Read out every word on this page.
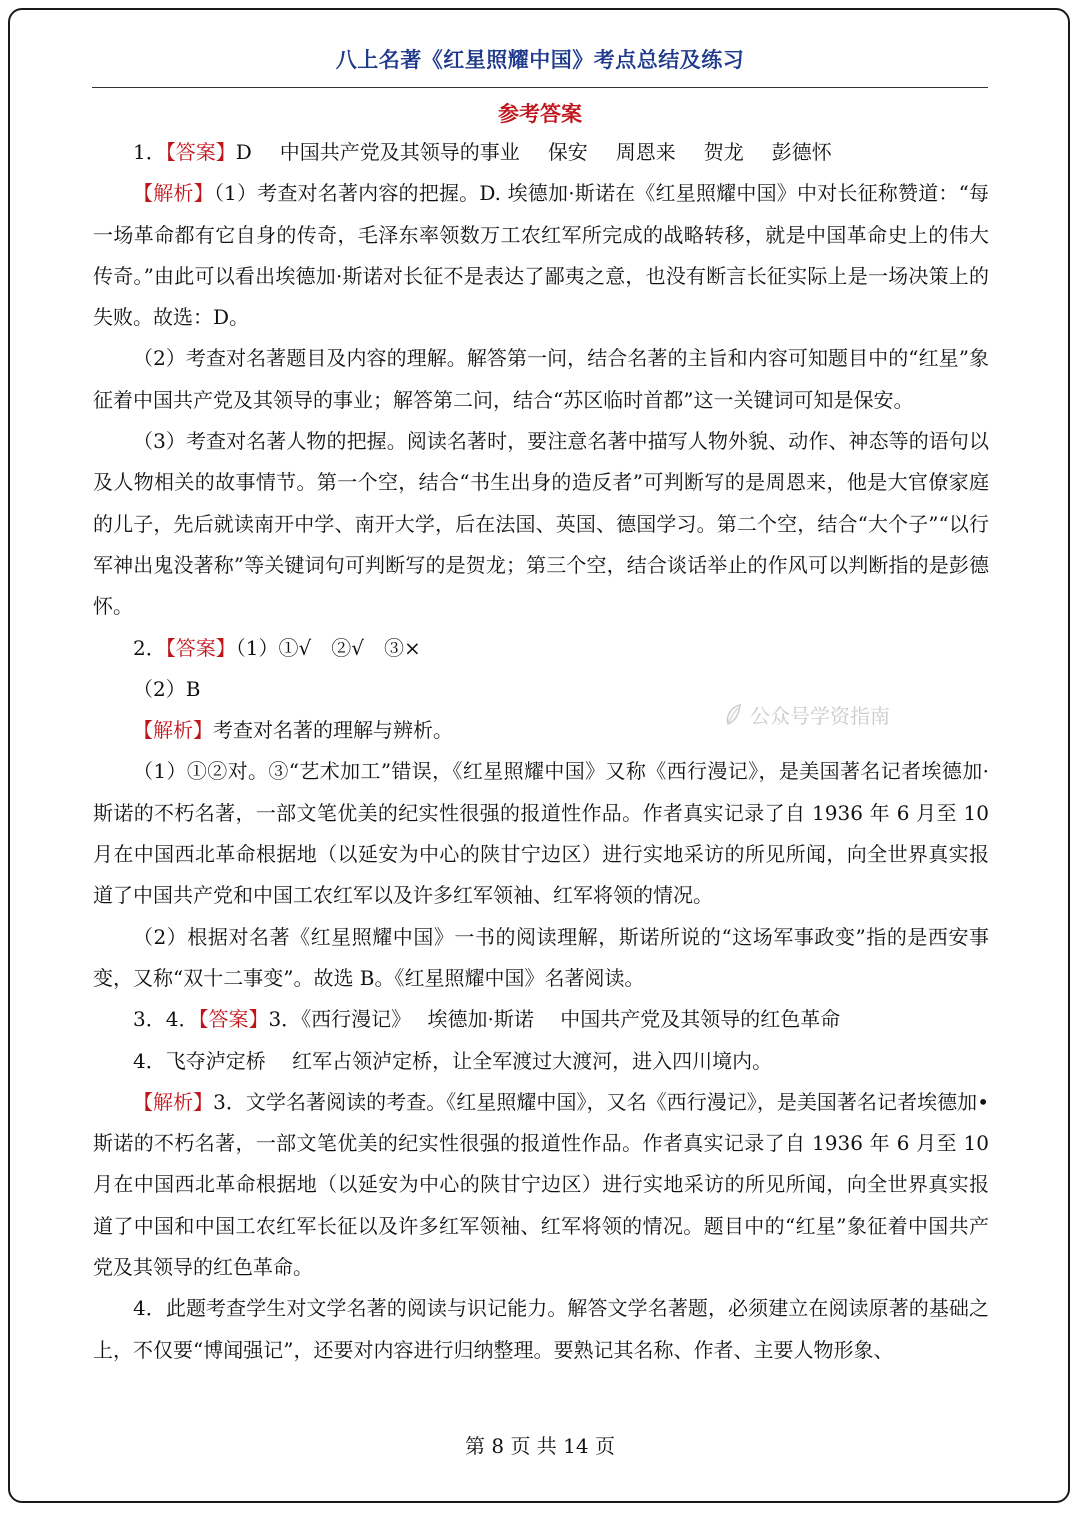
八上名著《红星照耀中国》考点总结及练习
参考答案

1．【答案】D 中国共产党及其领导的事业 保安 周恩来 贺龙 彭德怀

【解析】（1）考查对名著内容的把握。D. 埃德加·斯诺在《红星照耀中国》中对长征称赞道：“每一场革命都有它自身的传奇，毛泽东率领数万工农红军所完成的战略转移，就是中国革命史上的伟大传奇。”由此可以看出埃德加·斯诺对长征不是表达了鄙夷之意，也没有断言长征实际上是一场决策上的失败。故选：D。

（2）考查对名著题目及内容的理解。解答第一问，结合名著的主旨和内容可知题目中的“红星”象征着中国共产党及其领导的事业；解答第二问，结合“苏区临时首都”这一关键词可知是保安。

（3）考查对名著人物的把握。阅读名著时，要注意名著中描写人物外貌、动作、神态等的语句以及人物相关的故事情节。第一个空，结合“书生出身的造反者”可判断写的是周恩来，他是大官僚家庭的儿子，先后就读南开中学、南开大学，后在法国、英国、德国学习。第二个空，结合“大个子”“以行军神出鬼没著称”等关键词句可判断写的是贺龙；第三个空，结合谈话举止的作风可以判断指的是彭德怀。

2．【答案】（1）①√　②√　③×

（2）B

【解析】考查对名著的理解与辨析。

（1）①②对。③“艺术加工”错误，《红星照耀中国》又称《西行漫记》，是美国著名记者埃德加·斯诺的不朽名著，一部文笔优美的纪实性很强的报道性作品。作者真实记录了自 1936 年 6 月至 10 月在中国西北革命根据地（以延安为中心的陕甘宁边区）进行实地采访的所见所闻，向全世界真实报道了中国共产党和中国工农红军以及许多红军领袖、红军将领的情况。

（2）根据对名著《红星照耀中国》一书的阅读理解，斯诺所说的“这场军事政变”指的是西安事变，又称“双十二事变”。故选 B。《红星照耀中国》名著阅读。

3．4．【答案】3．《西行漫记》　 埃德加·斯诺　 中国共产党及其领导的红色革命

4．飞夺泸定桥　 红军占领泸定桥，让全军渡过大渡河，进入四川境内。

【解析】3．文学名著阅读的考查。《红星照耀中国》，又名《西行漫记》，是美国著名记者埃德加•斯诺的不朽名著，一部文笔优美的纪实性很强的报道性作品。作者真实记录了自 1936 年 6 月至 10 月在中国西北革命根据地（以延安为中心的陕甘宁边区）进行实地采访的所见所闻，向全世界真实报道了中国和中国工农红军长征以及许多红军领袖、红军将领的情况。题目中的“红星”象征着中国共产党及其领导的红色革命。

4．此题考查学生对文学名著的阅读与识记能力。解答文学名著题，必须建立在阅读原著的基础之上，不仅要“博闻强记”，还要对内容进行归纳整理。要熟记其名称、作者、主要人物形象、

公众号学资指南
第 8 页 共 14 页
